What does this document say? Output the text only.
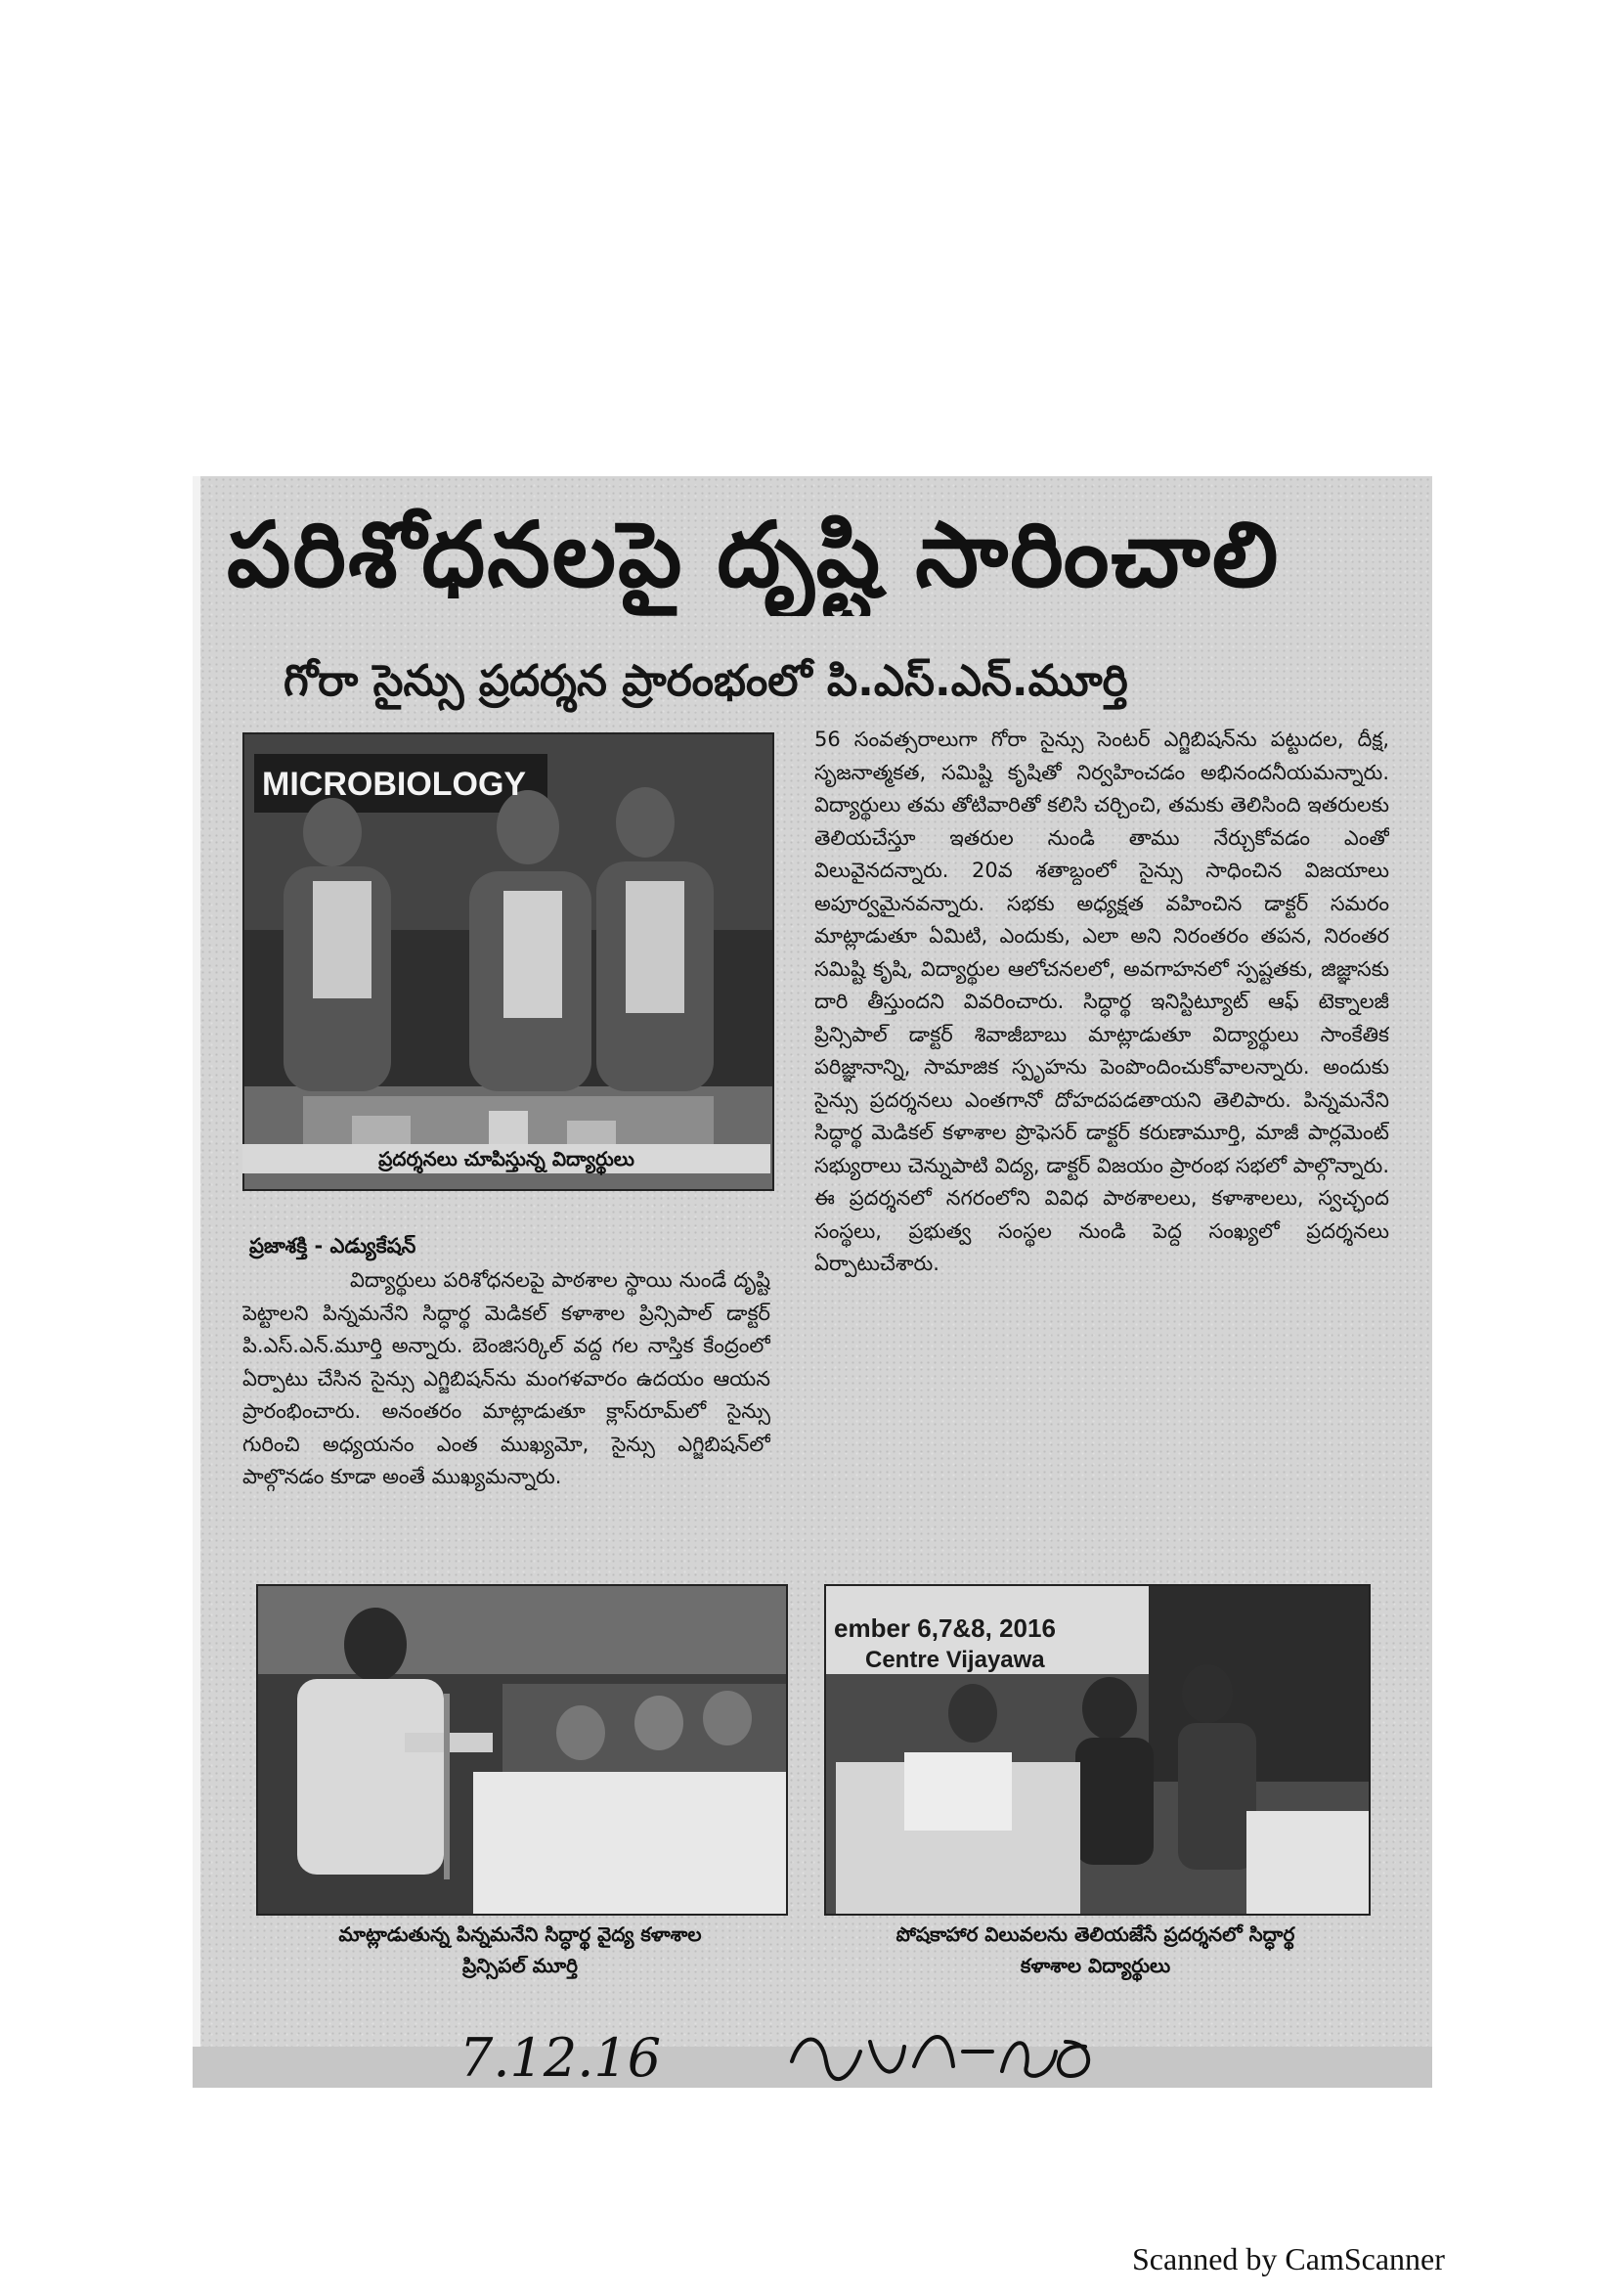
పరిశోధనలపై దృష్టి సారించాలి
గోరా సైన్సు ప్రదర్శన ప్రారంభంలో పి.ఎస్.ఎన్.మూర్తి
MICROBIOLOGY
ప్రదర్శనలు చూపిస్తున్న విద్యార్థులు
ప్రజాశక్తి - ఎడ్యుకేషన్

విద్యార్థులు పరిశోధనలపై పాఠశాల స్థాయి నుండే దృష్టి పెట్టాలని పిన్నమనేని సిద్ధార్థ మెడికల్ కళాశాల ప్రిన్సిపాల్ డాక్టర్ పి.ఎస్.ఎన్.మూర్తి అన్నారు. బెంజిసర్కిల్ వద్ద గల నాస్తిక కేంద్రంలో ఏర్పాటు చేసిన సైన్సు ఎగ్జిబిషన్‌ను మంగళవారం ఉదయం ఆయన ప్రారంభించారు. అనంతరం మాట్లాడుతూ క్లాస్‌రూమ్‌లో సైన్సు గురించి అధ్యయనం ఎంత ముఖ్యమో, సైన్సు ఎగ్జిబిషన్‌లో పాల్గొనడం కూడా అంతే ముఖ్యమన్నారు.

56 సంవత్సరాలుగా గోరా సైన్సు సెంటర్ ఎగ్జిబిషన్‌ను పట్టుదల, దీక్ష, సృజనాత్మకత, సమిష్టి కృషితో నిర్వహించడం అభినందనీయమన్నారు. విద్యార్థులు తమ తోటివారితో కలిసి చర్చించి, తమకు తెలిసింది ఇతరులకు తెలియచేస్తూ ఇతరుల నుండి తాము నేర్చుకోవడం ఎంతో విలువైనదన్నారు. 20వ శతాబ్దంలో సైన్సు సాధించిన విజయాలు అపూర్వమైనవన్నారు. సభకు అధ్యక్షత వహించిన డాక్టర్ సమరం మాట్లాడుతూ ఏమిటి, ఎందుకు, ఎలా అని నిరంతరం తపన, నిరంతర సమిష్టి కృషి, విద్యార్థుల ఆలోచనలలో, అవగాహనలో స్పష్టతకు, జిజ్ఞాసకు దారి తీస్తుందని వివరించారు. సిద్ధార్థ ఇనిస్టిట్యూట్ ఆఫ్ టెక్నాలజీ ప్రిన్సిపాల్ డాక్టర్ శివాజీబాబు మాట్లాడుతూ విద్యార్థులు సాంకేతిక పరిజ్ఞానాన్ని, సామాజిక స్పృహను పెంపొందించుకోవాలన్నారు. అందుకు సైన్సు ప్రదర్శనలు ఎంతగానో దోహదపడతాయని తెలిపారు. పిన్నమనేని సిద్ధార్థ మెడికల్ కళాశాల ప్రొఫెసర్ డాక్టర్ కరుణామూర్తి, మాజీ పార్లమెంట్ సభ్యురాలు చెన్నుపాటి విద్య, డాక్టర్ విజయం ప్రారంభ సభలో పాల్గొన్నారు. ఈ ప్రదర్శనలో నగరంలోని వివిధ పాఠశాలలు, కళాశాలలు, స్వచ్ఛంద సంస్థలు, ప్రభుత్వ సంస్థల నుండి పెద్ద సంఖ్యలో ప్రదర్శనలు ఏర్పాటుచేశారు.

మాట్లాడుతున్న పిన్నమనేని సిద్ధార్థ వైద్య కళాశాల
ప్రిన్సిపల్ మూర్తి
ember 6,7&8, 2016
Centre Vijayawa
పోషకాహార విలువలను తెలియజేసే ప్రదర్శనలో సిద్ధార్థ
కళాశాల విద్యార్థులు
7.12.16
Scanned by CamScanner
